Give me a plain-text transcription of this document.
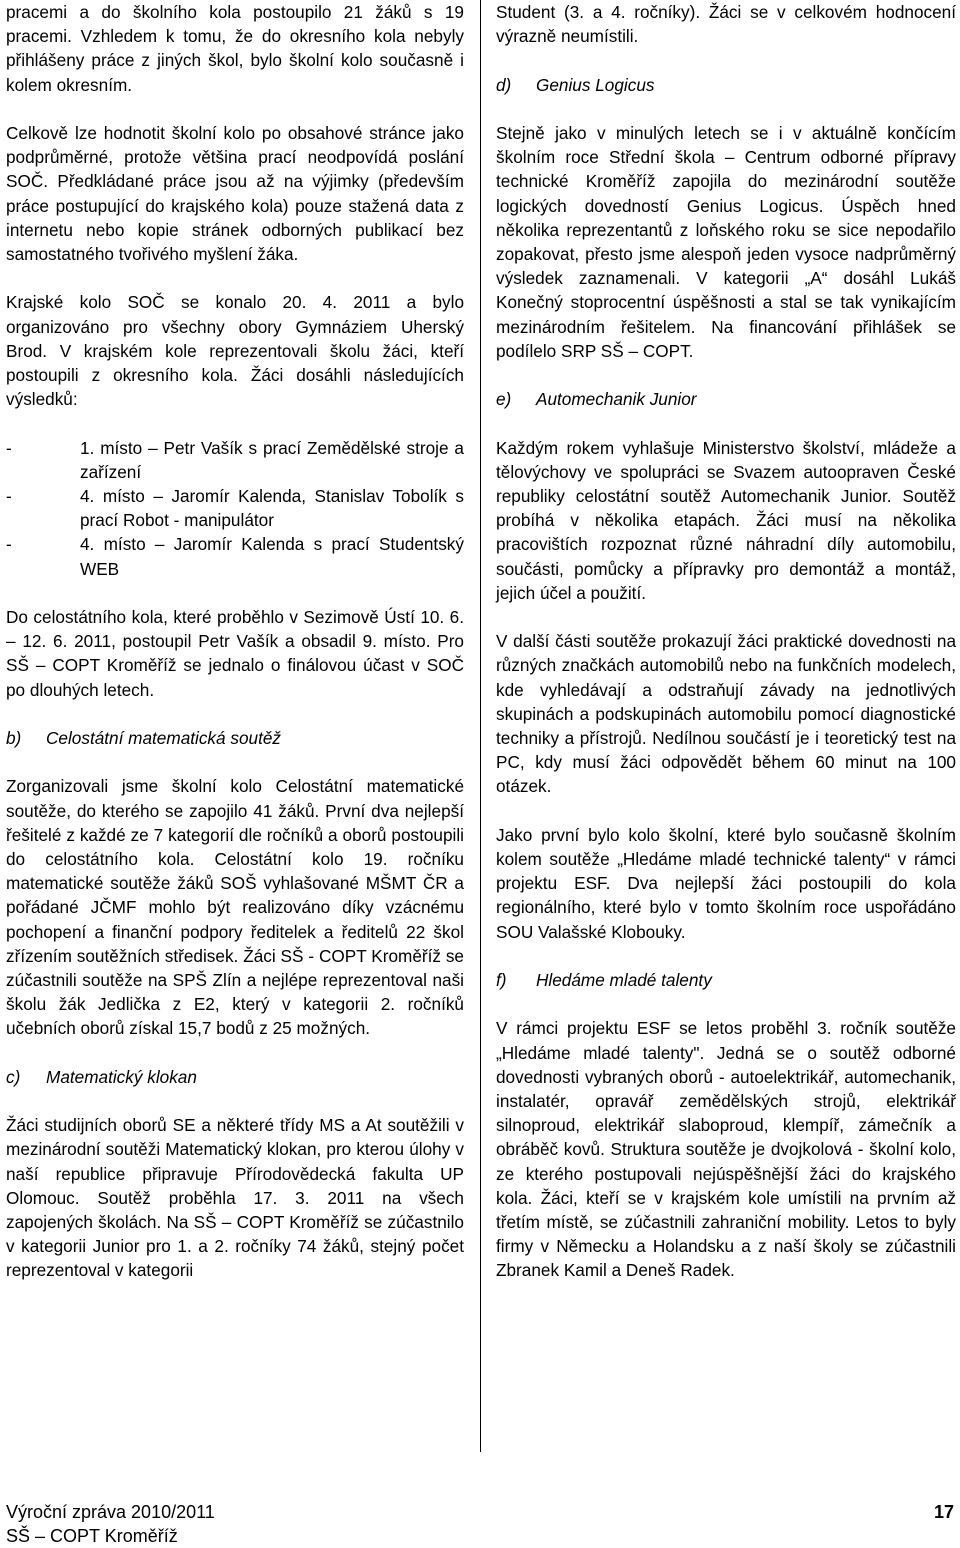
pracemi a do školního kola postoupilo 21 žáků s 19 pracemi. Vzhledem k tomu, že do okresního kola nebyly přihlášeny práce z jiných škol, bylo školní kolo současně i kolem okresním.

Celkově lze hodnotit školní kolo po obsahové stránce jako podprůměrné, protože většina prací neodpovídá poslání SOČ. Předkládané práce jsou až na výjimky (především práce postupující do krajského kola) pouze stažená data z internetu nebo kopie stránek odborných publikací bez samostatného tvořivého myšlení žáka.

Krajské kolo SOČ se konalo 20. 4. 2011 a bylo organizováno pro všechny obory Gymnáziem Uherský Brod. V krajském kole reprezentovali školu žáci, kteří postoupili z okresního kola. Žáci dosáhli následujících výsledků:

-	1. místo – Petr Vašík s prací Zemědělské stroje a zařízení
-	4. místo – Jaromír Kalenda, Stanislav Tobolík s prací Robot - manipulátor
-	4. místo – Jaromír Kalenda s prací Studentský WEB

Do celostátního kola, které proběhlo v Sezimově Ústí 10. 6. – 12. 6. 2011, postoupil Petr Vašík a obsadil 9. místo. Pro SŠ – COPT Kroměříž se jednalo o finálovou účast v SOČ po dlouhých letech.

b) Celostátní matematická soutěž

Zorganizovali jsme školní kolo Celostátní matematické soutěže, do kterého se zapojilo 41 žáků. První dva nejlepší řešitelé z každé ze 7 kategorií dle ročníků a oborů postoupili do celostátního kola. Celostátní kolo 19. ročníku matematické soutěže žáků SOŠ vyhlašované MŠMT ČR a pořádané JČMF mohlo být realizováno díky vzácnému pochopení a finanční podpory ředitelek a ředitelů 22 škol zřízením soutěžních středisek. Žáci SŠ - COPT Kroměříž se zúčastnili soutěže na SPŠ Zlín a nejlépe reprezentoval naši školu žák Jedlička z E2, který v kategorii 2. ročníků učebních oborů získal 15,7 bodů z 25 možných.

c) Matematický klokan

Žáci studijních oborů SE a některé třídy MS a At soutěžili v mezinárodní soutěži Matematický klokan, pro kterou úlohy v naší republice připravuje Přírodovědecká fakulta UP Olomouc. Soutěž proběhla 17. 3. 2011 na všech zapojených školách. Na SŠ – COPT Kroměříž se zúčastnilo v kategorii Junior pro 1. a 2. ročníky 74 žáků, stejný počet reprezentoval v kategorii

Student (3. a 4. ročníky). Žáci se v celkovém hodnocení výrazně neumístili.

d) Genius Logicus

Stejně jako v minulých letech se i v aktuálně končícím školním roce Střední škola – Centrum odborné přípravy technické Kroměříž zapojila do mezinárodní soutěže logických dovedností Genius Logicus. Úspěch hned několika reprezentantů z loňského roku se sice nepodařilo zopakovat, přesto jsme alespoň jeden vysoce nadprůměrný výsledek zaznamenali. V kategorii „A“ dosáhl Lukáš Konečný stoprocentní úspěšnosti a stal se tak vynikajícím mezinárodním řešitelem. Na financování přihlášek se podílelo SRP SŠ – COPT.

e) Automechanik Junior

Každým rokem vyhlašuje Ministerstvo školství, mládeže a tělovýchovy ve spolupráci se Svazem autoopraven České republiky celostátní soutěž Automechanik Junior. Soutěž probíhá v několika etapách. Žáci musí na několika pracovištích rozpoznat různé náhradní díly automobilu, součásti, pomůcky a přípravky pro demontáž a montáž, jejich účel a použití.

V další části soutěže prokazují žáci praktické dovednosti na různých značkách automobilů nebo na funkčních modelech, kde vyhledávají a odstraňují závady na jednotlivých skupinách a podskupinách automobilu pomocí diagnostické techniky a přístrojů. Nedílnou součástí je i teoretický test na PC, kdy musí žáci odpovědět během 60 minut na 100 otázek.

Jako první bylo kolo školní, které bylo současně školním kolem soutěže „Hledáme mladé technické talenty“ v rámci projektu ESF. Dva nejlepší žáci postoupili do kola regionálního, které bylo v tomto školním roce uspořádáno SOU Valašské Klobouky.

f) Hledáme mladé talenty

V rámci projektu ESF se letos proběhl 3. ročník soutěže „Hledáme mladé talenty". Jedná se o soutěž odborné dovednosti vybraných oborů - autoelektrikář, automechanik, instalatér, opravář zemědělských strojů, elektrikář silnoproud, elektrikář slaboproud, klempíř, zámečník a obráběč kovů. Struktura soutěže je dvojkolová - školní kolo, ze kterého postupovali nejúspěšnější žáci do krajského kola. Žáci, kteří se v krajském kole umístili na prvním až třetím místě, se zúčastnili zahraniční mobility. Letos to byly firmy v Německu a Holandsku a z naší školy se zúčastnili Zbranek Kamil a Deneš Radek.

Výroční zpráva 2010/2011
SŠ – COPT Kroměříž
17
